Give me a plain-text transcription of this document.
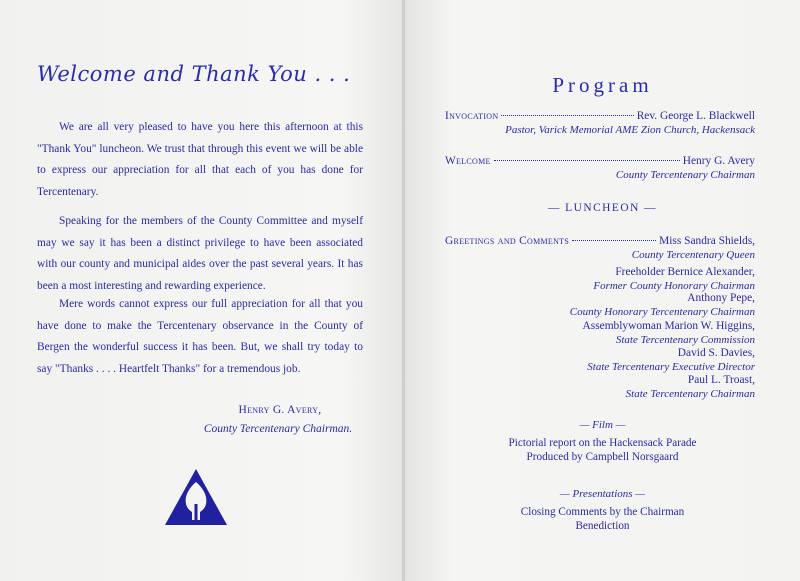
Welcome and Thank You . . .

We are all very pleased to have you here this afternoon at this "Thank You" luncheon. We trust that through this event we will be able to express our appreciation for all that each of you has done for Tercentenary.

Speaking for the members of the County Committee and myself may we say it has been a distinct privilege to have been associated with our county and municipal aides over the past several years. It has been a most interesting and rewarding experience.

Mere words cannot express our full appreciation for all that you have done to make the Tercentenary observance in the County of Bergen the wonderful success it has been. But, we shall try today to say "Thanks . . . . Heartfelt Thanks" for a tremendous job.

Henry G. Avery,
County Tercentenary Chairman.
Program
Invocation	Rev. George L. Blackwell
Pastor, Varick Memorial AME Zion Church, Hackensack
Welcome	Henry G. Avery
County Tercentenary Chairman
— LUNCHEON —
Greetings and Comments	Miss Sandra Shields,
County Tercentenary Queen
Freeholder Bernice Alexander,
Former County Honorary Chairman
Anthony Pepe,
County Honorary Tercentenary Chairman
Assemblywoman Marion W. Higgins,
State Tercentenary Commission
David S. Davies,
State Tercentenary Executive Director
Paul L. Troast,
State Tercentenary Chairman
— Film —
Pictorial report on the Hackensack Parade
Produced by Campbell Norsgaard
— Presentations —
Closing Comments by the Chairman
Benediction
